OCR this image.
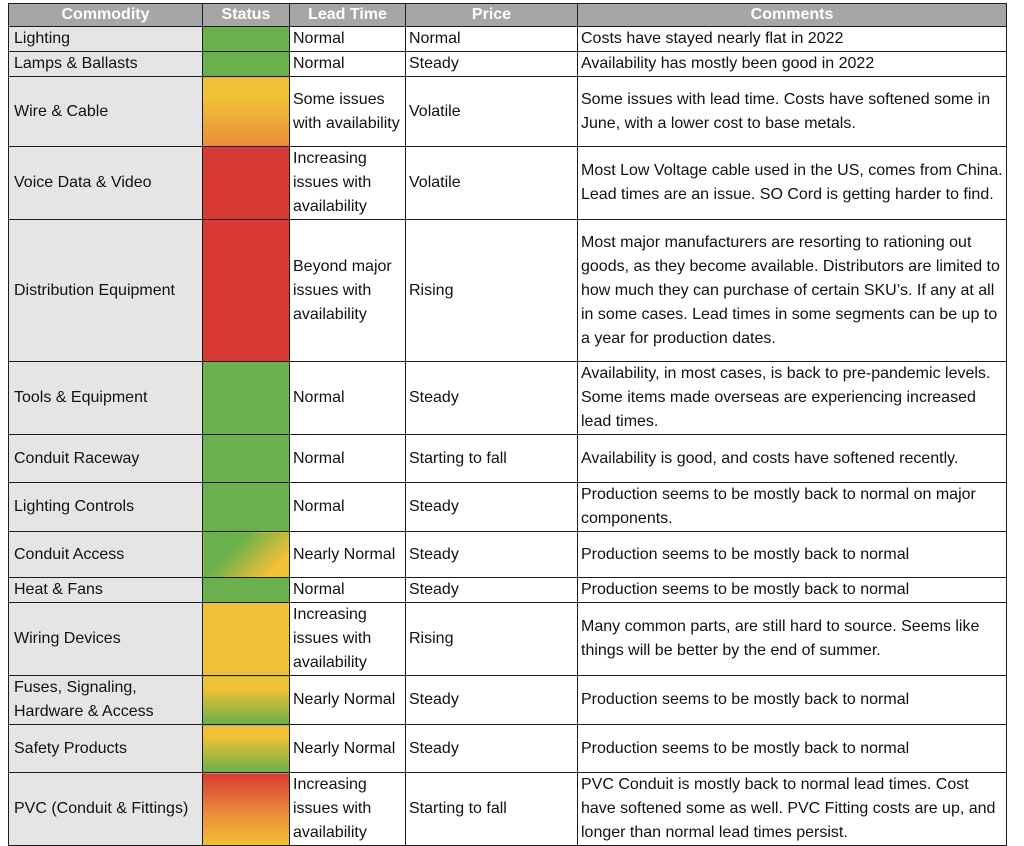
Commodity	Status	Lead Time	Price	Comments
Lighting		Normal	Normal	Costs have stayed nearly flat in 2022
Lamps & Ballasts		Normal	Steady	Availability has mostly been good in 2022
Wire & Cable		Some issues with availability	Volatile	Some issues with lead time. Costs have softened some in June, with a lower cost to base metals.
Voice Data & Video		Increasing issues with availability	Volatile	Most Low Voltage cable used in the US, comes from China. Lead times are an issue. SO Cord is getting harder to find.
Distribution Equipment		Beyond major issues with availability	Rising	Most major manufacturers are resorting to rationing out goods, as they become available. Distributors are limited to how much they can purchase of certain SKU’s. If any at all in some cases. Lead times in some segments can be up to a year for production dates.
Tools & Equipment		Normal	Steady	Availability, in most cases, is back to pre-pandemic levels. Some items made overseas are experiencing increased lead times.
Conduit Raceway		Normal	Starting to fall	Availability is good, and costs have softened recently.
Lighting Controls		Normal	Steady	Production seems to be mostly back to normal on major components.
Conduit Access		Nearly Normal	Steady	Production seems to be mostly back to normal
Heat & Fans		Normal	Steady	Production seems to be mostly back to normal
Wiring Devices		Increasing issues with availability	Rising	Many common parts, are still hard to source. Seems like things will be better by the end of summer.
Fuses, Signaling, Hardware & Access		Nearly Normal	Steady	Production seems to be mostly back to normal
Safety Products		Nearly Normal	Steady	Production seems to be mostly back to normal
PVC (Conduit & Fittings)		Increasing issues with availability	Starting to fall	PVC Conduit is mostly back to normal lead times. Cost have softened some as well. PVC Fitting costs are up, and longer than normal lead times persist.
